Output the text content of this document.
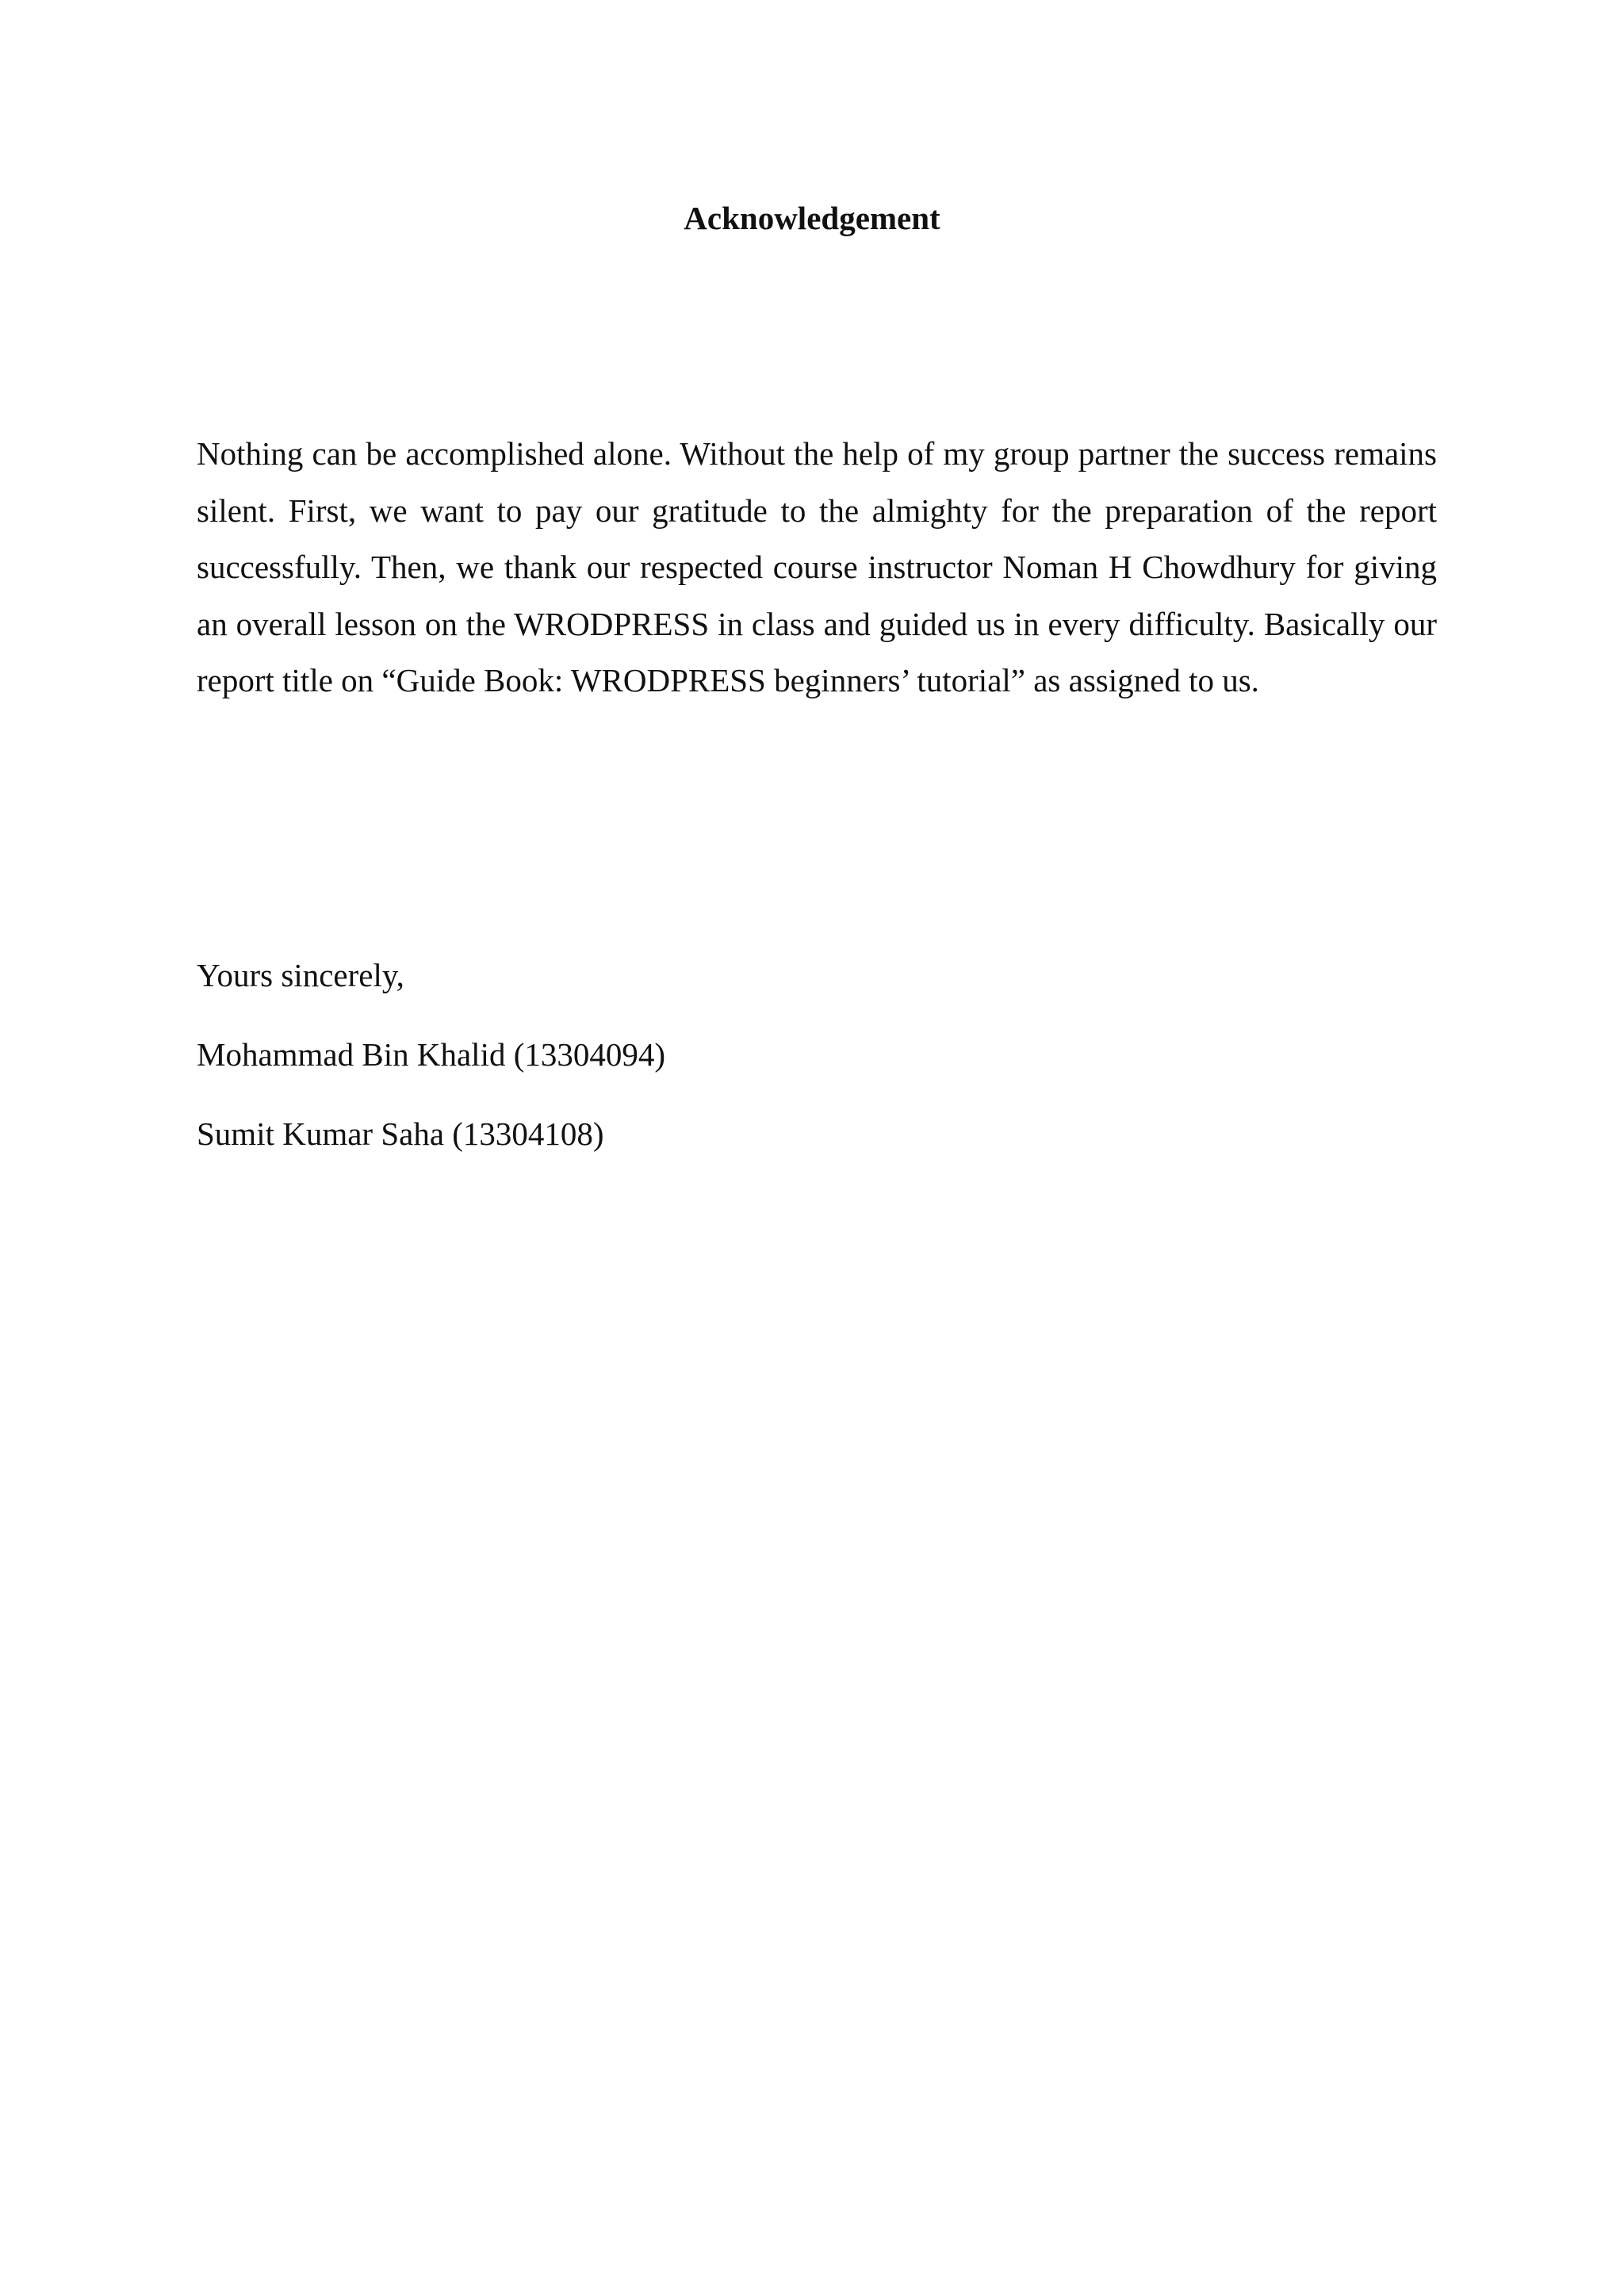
Acknowledgement

Nothing can be accomplished alone. Without the help of my group partner the success remains silent. First, we want to pay our gratitude to the almighty for the preparation of the report successfully. Then, we thank our respected course instructor Noman H Chowdhury for giving an overall lesson on the WRODPRESS in class and guided us in every difficulty. Basically our report title on “Guide Book: WRODPRESS beginners’ tutorial” as assigned to us.

Yours sincerely,

Mohammad Bin Khalid (13304094)

Sumit Kumar Saha (13304108)
